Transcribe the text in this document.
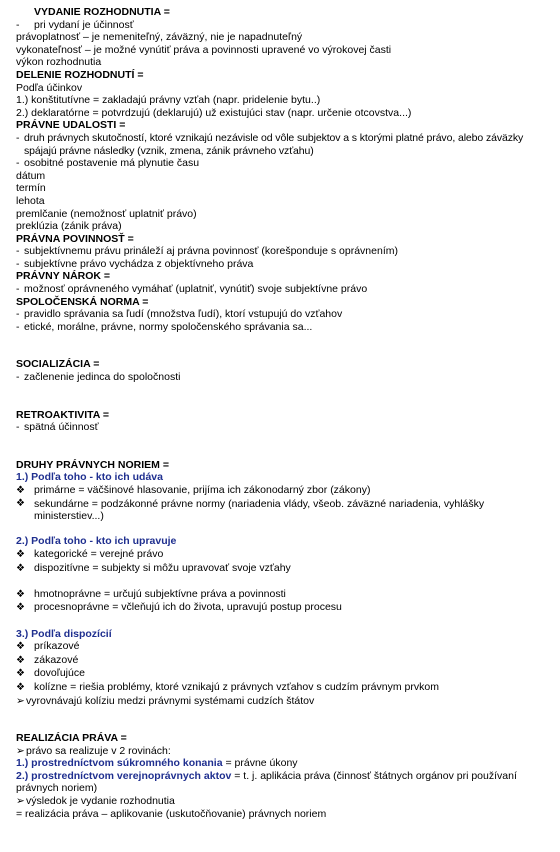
VYDANIE ROZHODNUTIA =
- pri vydaní je účinnosť
právoplatnosť – je nemeniteľný, záväzný, nie je napadnuteľný
vykonateľnosť – je možné vynútiť práva a povinnosti upravené vo výrokovej časti
výkon rozhodnutia
DELENIE ROZHODNUTÍ =
Podľa účinkov
1.) konštitutívne = zakladajú právny vzťah (napr. pridelenie bytu..)
2.) deklaratórne = potvrdzujú (deklarujú) už existujúci stav (napr. určenie otcovstva...)
PRÁVNE UDALOSTI =
- druh právnych skutočností, ktoré vznikajú nezávisle od vôle subjektov a s ktorými platné právo, alebo záväzky spájajú právne následky (vznik, zmena, zánik právneho vzťahu)
- osobitné postavenie má plynutie času
dátum
termín
lehota
premlčanie (nemožnosť uplatniť právo)
preklúzia (zánik práva)
PRÁVNA POVINNOSŤ =
- subjektívnemu právu prináleží aj právna povinnosť (korešponduje s oprávnením)
- subjektívne právo vychádza z objektívneho práva
PRÁVNY NÁROK =
- možnosť oprávneného vymáhať (uplatniť, vynútiť) svoje subjektívne právo
SPOLOČENSKÁ NORMA =
- pravidlo správania sa ľudí (množstva ľudí), ktorí vstupujú do vzťahov
- etické, morálne, právne, normy spoločenského správania sa...
SOCIALIZÁCIA =
- začlenenie jedinca do spoločnosti
RETROAKTIVITA =
- spätná účinnosť
DRUHY PRÁVNYCH NORIEM =
1.) Podľa toho - kto ich udáva
❖ primárne = väčšinové hlasovanie, prijíma ich zákonodarný zbor (zákony)
❖ sekundárne = podzákonné právne normy (nariadenia vlády, všeob. záväzné nariadenia, vyhlášky ministerstiev...)
2.) Podľa toho - kto ich upravuje
❖ kategorické = verejné právo
❖ dispozitívne = subjekty si môžu upravovať svoje vzťahy
❖ hmotnoprávne = určujú subjektívne práva a povinnosti
❖ procesnoprávne = včleňujú ich do života, upravujú postup procesu
3.) Podľa dispozícií
❖ príkazové
❖ zákazové
❖ dovoľujúce
❖ kolízne = riešia problémy, ktoré vznikajú z právnych vzťahov s cudzím právnym prvkom
➢vyrovnávajú kolíziu medzi právnymi systémami cudzích štátov
REALIZÁCIA PRÁVA =
➢právo sa realizuje v 2 rovinách:
1.) prostredníctvom súkromného konania = právne úkony
2.) prostredníctvom verejnoprávnych aktov = t. j. aplikácia práva (činnosť štátnych orgánov pri používaní právnych noriem)
➢výsledok je vydanie rozhodnutia
= realizácia práva – aplikovanie (uskutočňovanie) právnych noriem
